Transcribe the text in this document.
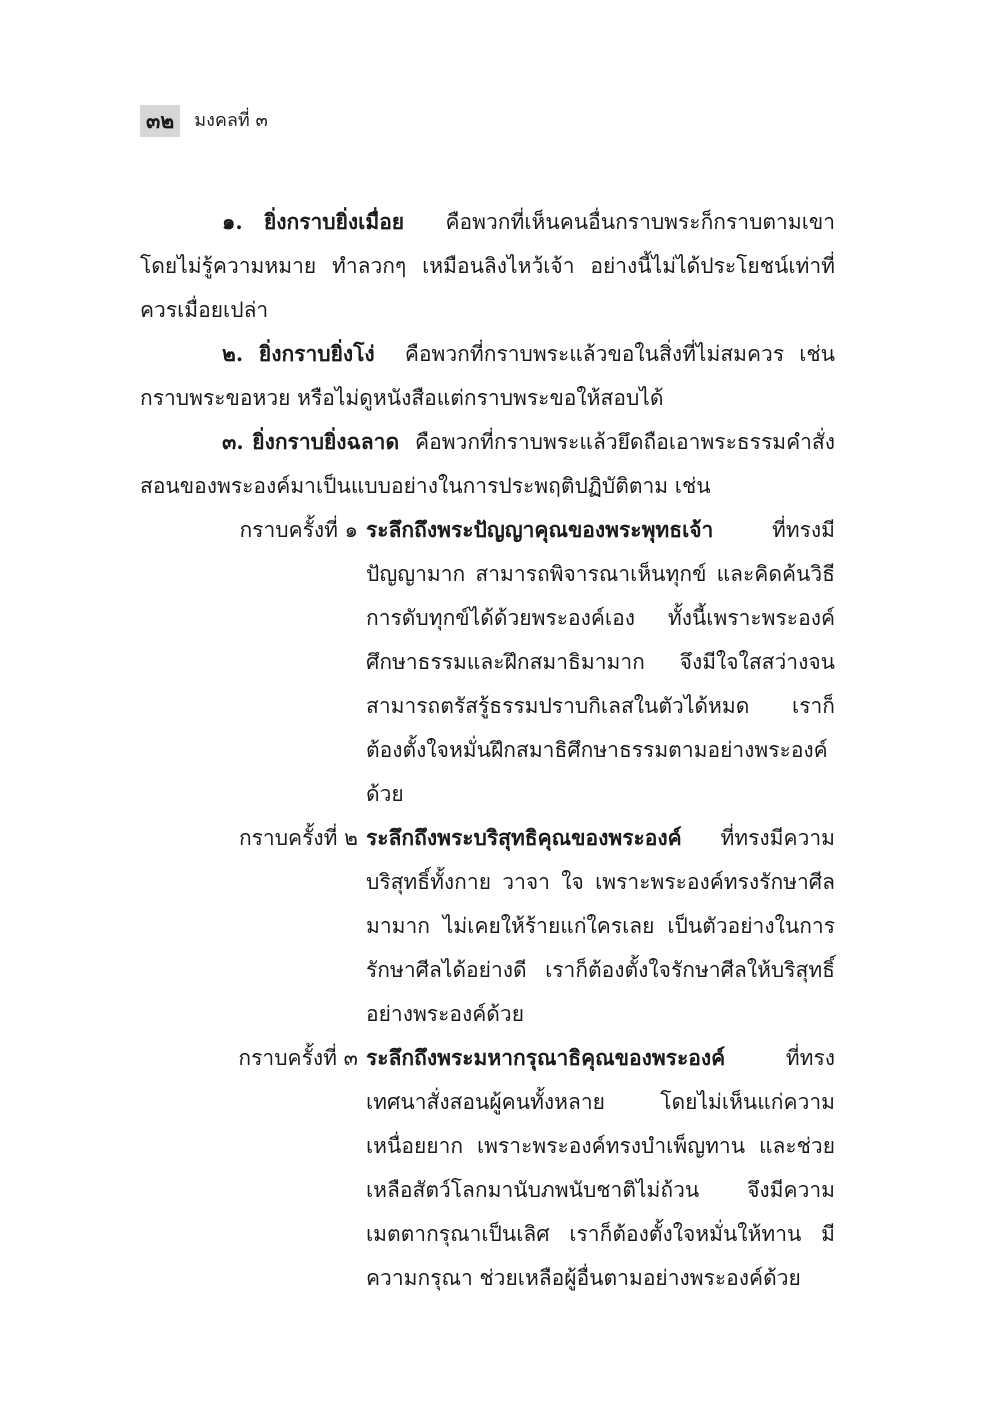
๓๒	มงคลที่ ๓

๑. ยิ่งกราบยิ่งเมื่อย คือพวกที่เห็นคนอื่นกราบพระก็กราบตามเขา โดยไม่รู้ความหมาย ทำลวกๆ เหมือนลิงไหว้เจ้า อย่างนี้ไม่ได้ประโยชน์เท่าที่ควรเมื่อยเปล่า

๒. ยิ่งกราบยิ่งโง่ คือพวกที่กราบพระแล้วขอในสิ่งที่ไม่สมควร เช่น กราบพระขอหวย หรือไม่ดูหนังสือแต่กราบพระขอให้สอบได้

๓. ยิ่งกราบยิ่งฉลาด คือพวกที่กราบพระแล้วยึดถือเอาพระธรรมคำสั่งสอนของพระองค์มาเป็นแบบอย่างในการประพฤติปฏิบัติตาม เช่น

กราบครั้งที่ ๑ ระลึกถึงพระปัญญาคุณของพระพุทธเจ้า	ที่ทรงมีปัญญามาก สามารถพิจารณาเห็นทุกข์ และคิดค้นวิธีการดับทุกข์ได้ด้วยพระองค์เอง ทั้งนี้เพราะพระองค์ศึกษาธรรมและฝึกสมาธิมามาก จึงมีใจใสสว่างจนสามารถตรัสรู้ธรรมปราบกิเลสในตัวได้หมด เราก็ต้องตั้งใจหมั่นฝึกสมาธิศึกษาธรรมตามอย่างพระองค์ด้วย
กราบครั้งที่ ๒ ระลึกถึงพระบริสุทธิคุณของพระองค์ ที่ทรงมีความบริสุทธิ์ทั้งกาย วาจา ใจ เพราะพระองค์ทรงรักษาศีลมามาก ไม่เคยให้ร้ายแก่ใครเลย เป็นตัวอย่างในการรักษาศีลได้อย่างดี เราก็ต้องตั้งใจรักษาศีลให้บริสุทธิ์อย่างพระองค์ด้วย
กราบครั้งที่ ๓ ระลึกถึงพระมหากรุณาธิคุณของพระองค์	ที่ทรงเทศนาสั่งสอนผู้คนทั้งหลาย โดยไม่เห็นแก่ความเหนื่อยยาก เพราะพระองค์ทรงบำเพ็ญทาน และช่วยเหลือสัตว์โลกมานับภพนับชาติไม่ถ้วน จึงมีความเมตตากรุณาเป็นเลิศ เราก็ต้องตั้งใจหมั่นให้ทาน มีความกรุณา ช่วยเหลือผู้อื่นตามอย่างพระองค์ด้วย
